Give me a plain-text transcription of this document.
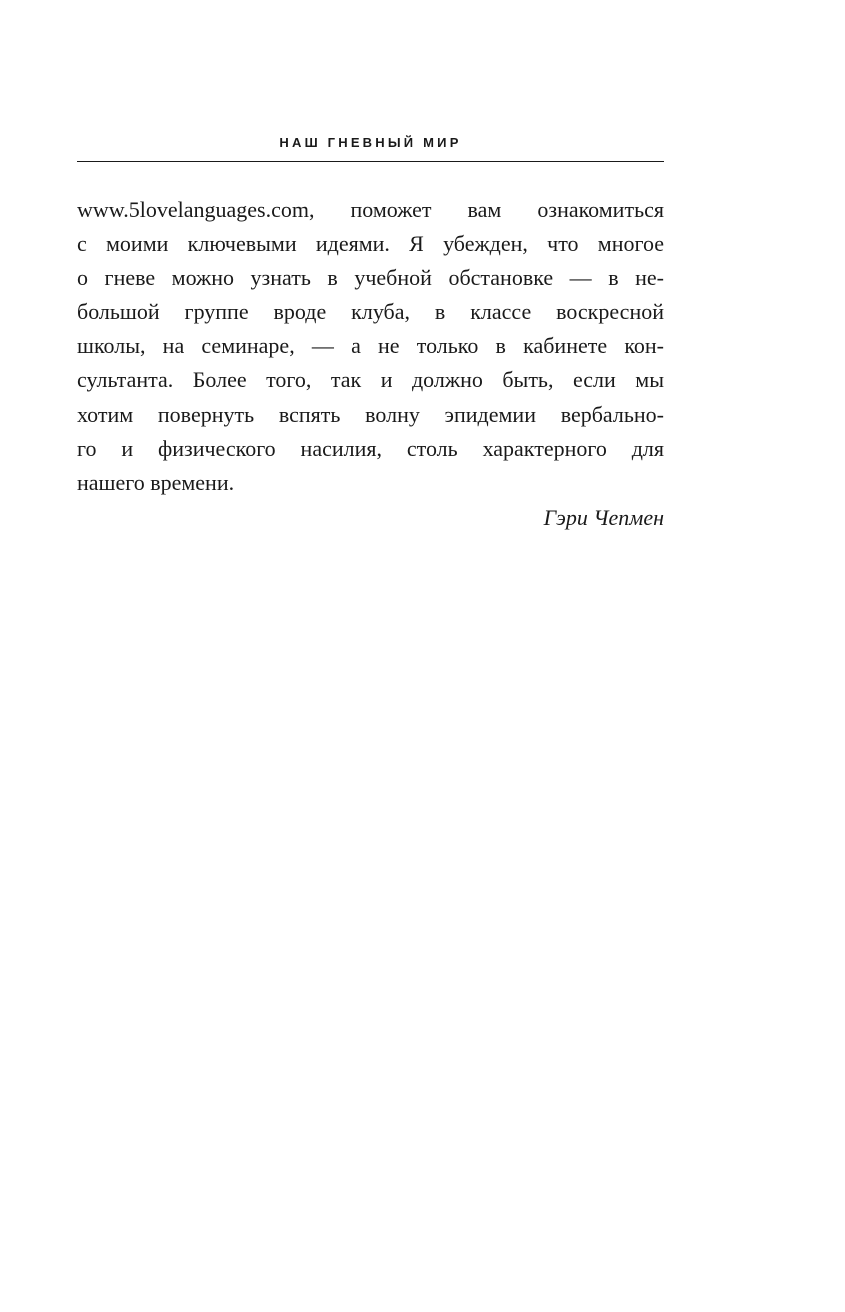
НАШ ГНЕВНЫЙ МИР
www.5lovelanguages.com, поможет вам ознакомиться
с моими ключевыми идеями. Я убежден, что многое
о гневе можно узнать в учебной обстановке — в не-
большой группе вроде клуба, в классе воскресной
школы, на семинаре, — а не только в кабинете кон-
сультанта. Более того, так и должно быть, если мы
хотим повернуть вспять волну эпидемии вербально-
го и физического насилия, столь характерного для
нашего времени.
Гэри Чепмен
